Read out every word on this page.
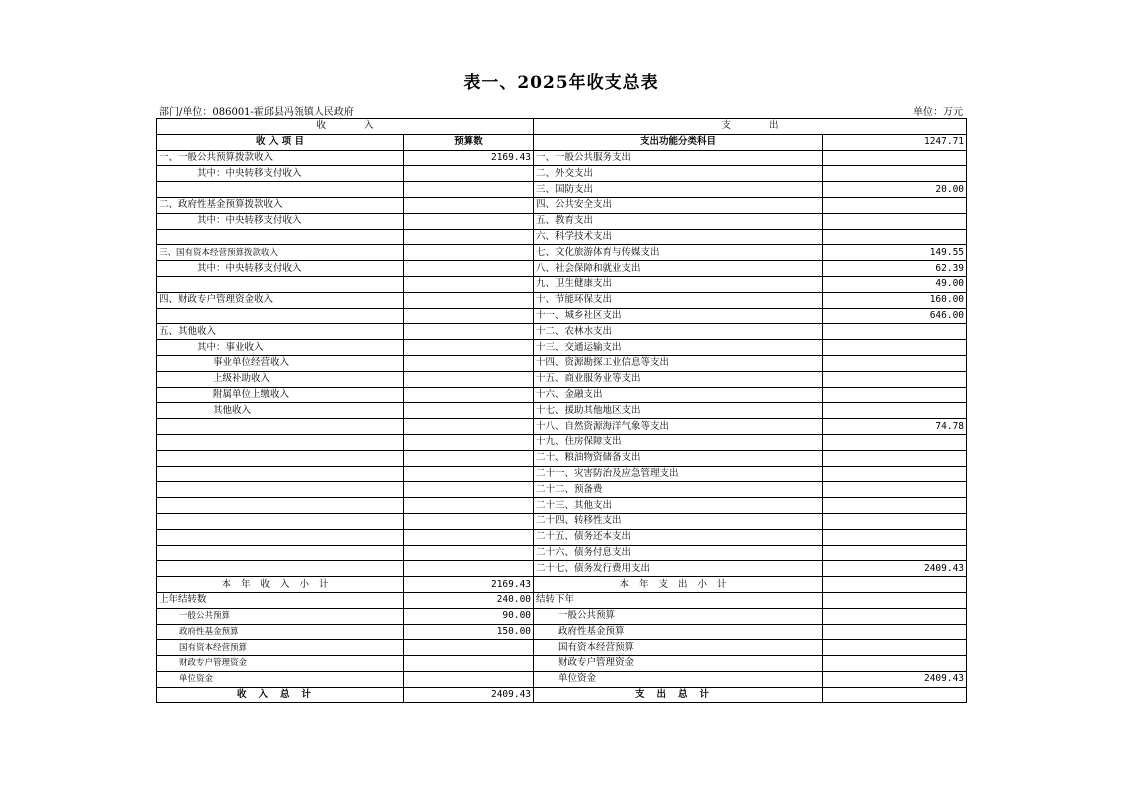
表一、2025年收支总表
部门/单位：086001-霍邱县冯瓴镇人民政府	单位：万元
收　　　　入		支　　　　出	
收 入 项 目	预算数	支出功能分类科目	1247.71
一、一般公共预算拨款收入	2169.43	一、一般公共服务支出	
其中：中央转移支付收入		二、外交支出	
		三、国防支出	20.00
二、政府性基金预算拨款收入		四、公共安全支出	
其中：中央转移支付收入		五、教育支出	
		六、科学技术支出	
三、国有资本经营预算拨款收入		七、文化旅游体育与传媒支出	149.55
其中：中央转移支付收入		八、社会保障和就业支出	62.39
		九、卫生健康支出	49.00
四、财政专户管理资金收入		十、节能环保支出	160.00
		十一、城乡社区支出	646.00
五、其他收入		十二、农林水支出	
其中：事业收入		十三、交通运输支出	
事业单位经营收入		十四、资源勘探工业信息等支出	
上级补助收入		十五、商业服务业等支出	
附属单位上缴收入		十六、金融支出	
其他收入		十七、援助其他地区支出	
		十八、自然资源海洋气象等支出	74.78
		十九、住房保障支出	
		二十、粮油物资储备支出	
		二十一、灾害防治及应急管理支出	
		二十二、预备费	
		二十三、其他支出	
		二十四、转移性支出	
		二十五、债务还本支出	
		二十六、债务付息支出	
		二十七、债务发行费用支出	2409.43
本年收入小计	2169.43	本年支出小计	
上年结转数	240.00	结转下年	
一般公共预算	90.00	一般公共预算	
政府性基金预算	150.00	政府性基金预算	
国有资本经营预算		国有资本经营预算	
财政专户管理资金		财政专户管理资金	
单位资金		单位资金	2409.43
收入总计	2409.43	支出总计	
